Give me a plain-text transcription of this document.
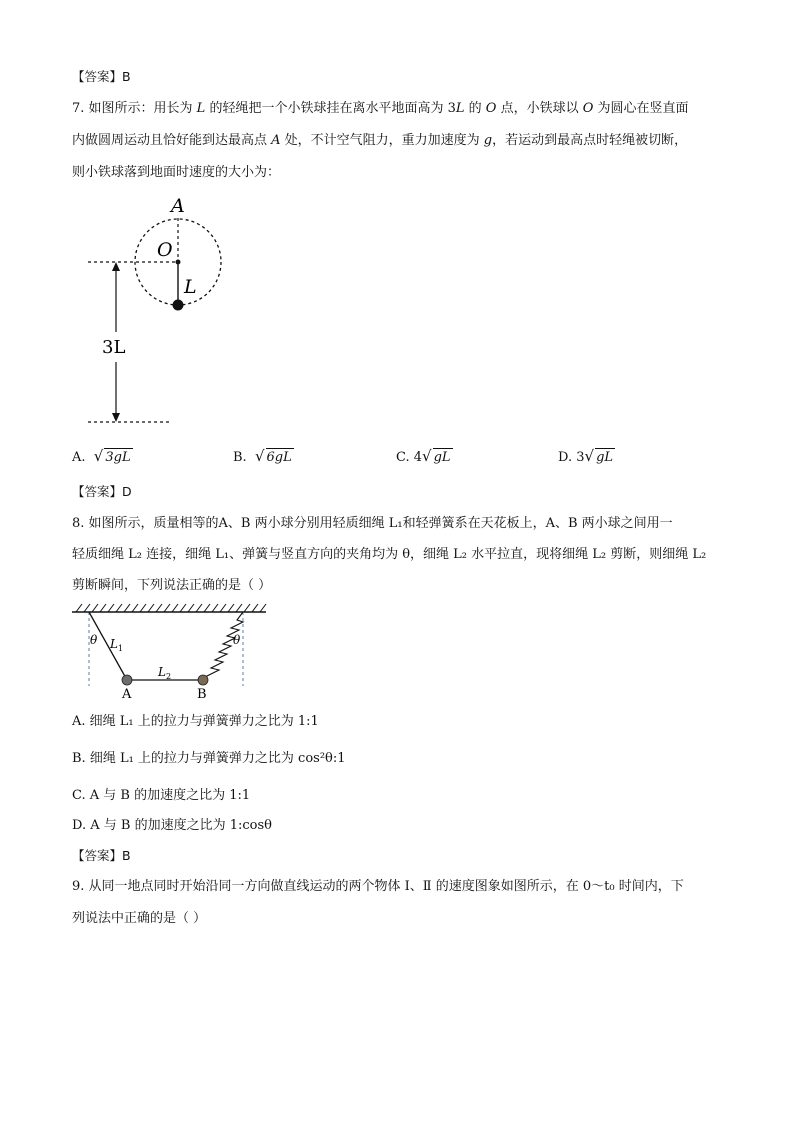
【答案】B
7. 如图所示：用长为 L 的轻绳把一个小铁球挂在离水平地面高为 3L 的 O 点，小铁球以 O 为圆心在竖直面
内做圆周运动且恰好能到达最高点 A 处，不计空气阻力，重力加速度为 g，若运动到最高点时轻绳被切断，
则小铁球落到地面时速度的大小为：
A
O
L
3L
A. √ 3gL	B. √ 6gL	C. 4√ gL	D. 3√ gL
【答案】D
8. 如图所示，质量相等的A、B 两小球分别用轻质细绳 L₁和轻弹簧系在天花板上，A、B 两小球之间用一
轻质细绳 L₂ 连接，细绳 L₁、弹簧与竖直方向的夹角均为 θ，细绳 L₂ 水平拉直，现将细绳 L₂ 剪断，则细绳 L₂
剪断瞬间，下列说法正确的是（ ）
θ	θ
$L_1$
$L_2$
A	B
A. 细绳 L₁ 上的拉力与弹簧弹力之比为 1:1
B. 细绳 L₁ 上的拉力与弹簧弹力之比为 cos²θ:1
C. A 与 B 的加速度之比为 1:1
D. A 与 B 的加速度之比为 1:cosθ
【答案】B
9. 从同一地点同时开始沿同一方向做直线运动的两个物体 Ⅰ、Ⅱ 的速度图象如图所示，在 0～t₀ 时间内，下
列说法中正确的是（ ）
